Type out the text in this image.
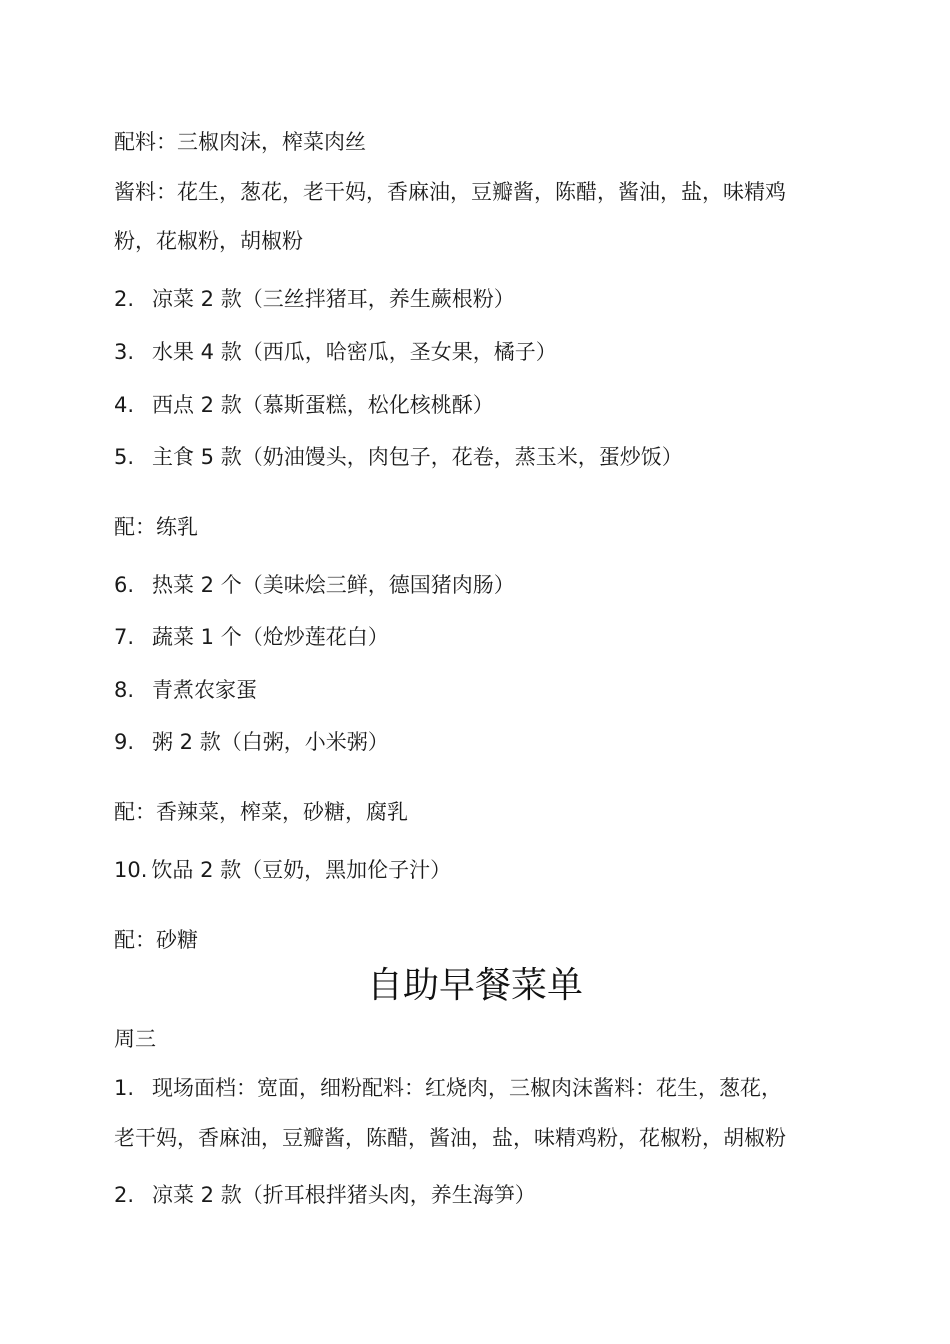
配料：三椒肉沫，榨菜肉丝
酱料：花生，葱花，老干妈，香麻油，豆瓣酱，陈醋，酱油，盐，味精鸡
粉，花椒粉，胡椒粉
2. 凉菜 2 款（三丝拌猪耳，养生蕨根粉）
3. 水果 4 款（西瓜，哈密瓜，圣女果，橘子）
4. 西点 2 款（慕斯蛋糕，松化核桃酥）
5. 主食 5 款（奶油馒头，肉包子，花卷，蒸玉米，蛋炒饭）
配：练乳
6. 热菜 2 个（美味烩三鲜，德国猪肉肠）
7. 蔬菜 1 个（炝炒莲花白）
8. 青煮农家蛋
9. 粥 2 款（白粥，小米粥）
配：香辣菜，榨菜，砂糖，腐乳
10. 饮品 2 款（豆奶，黑加伦子汁）
配：砂糖
自助早餐菜单
周三
1. 现场面档：宽面，细粉配料：红烧肉，三椒肉沫酱料：花生，葱花，
老干妈，香麻油，豆瓣酱，陈醋，酱油，盐，味精鸡粉，花椒粉，胡椒粉
2. 凉菜 2 款（折耳根拌猪头肉，养生海笋）
